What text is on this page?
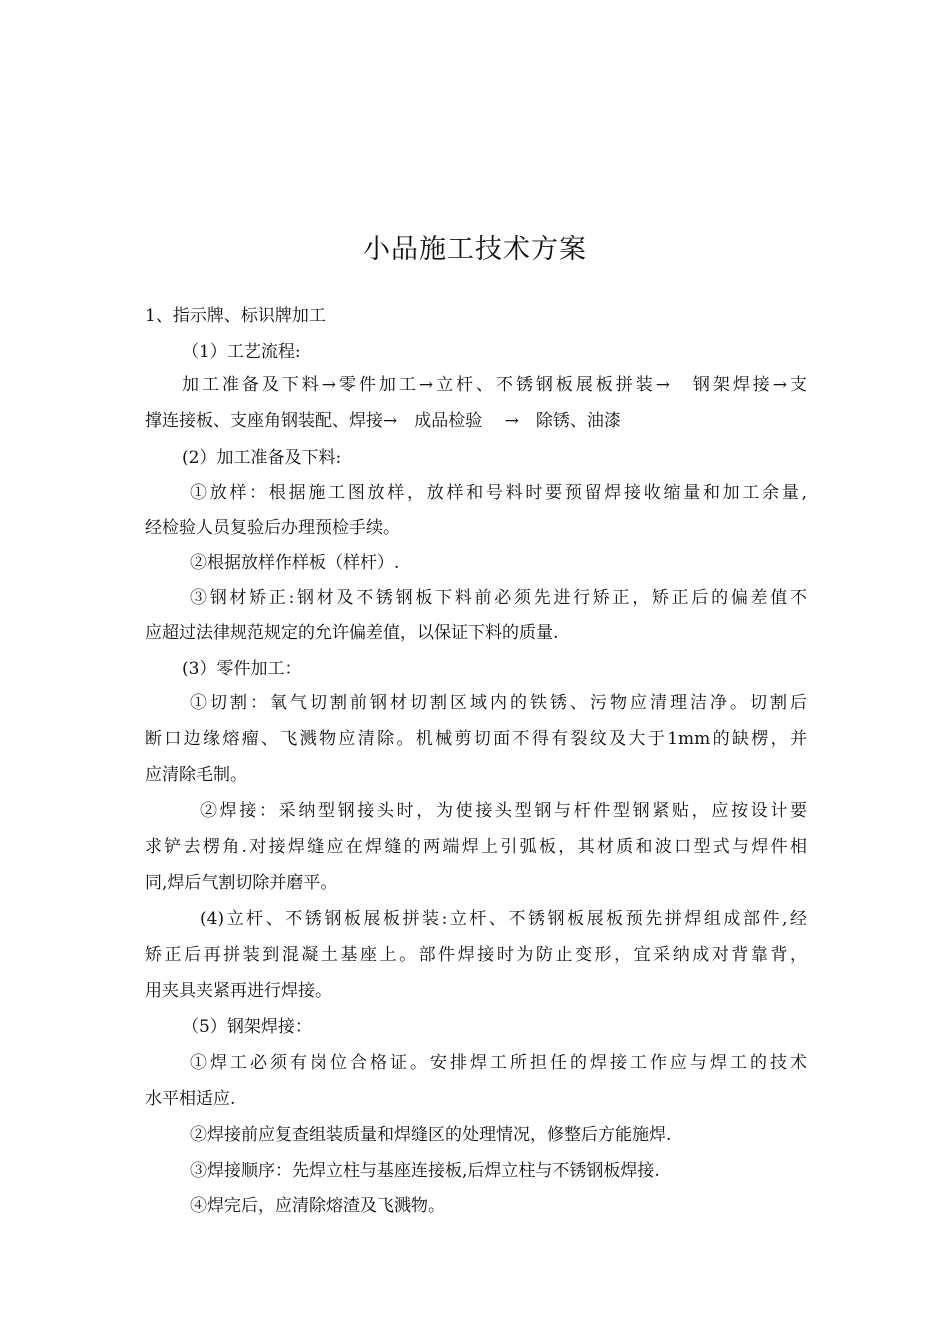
小品施工技术方案
1、指示牌、标识牌加工
（1）工艺流程:
加工准备及下料→零件加工→立杆、不锈钢板展板拼装→　钢架焊接→支
撑连接板、支座角钢装配、焊接→　成品检验　 →　除锈、油漆
(2）加工准备及下料:
①放样：根据施工图放样，放样和号料时要预留焊接收缩量和加工余量,
经检验人员复验后办理预检手续。
②根据放样作样板（样杆）.
③钢材矫正:钢材及不锈钢板下料前必须先进行矫正，矫正后的偏差值不
应超过法律规范规定的允许偏差值，以保证下料的质量.
(3）零件加工：
①切割：氧气切割前钢材切割区域内的铁锈、污物应清理洁净。切割后
断口边缘熔瘤、飞溅物应清除。机械剪切面不得有裂纹及大于1mm的缺楞，并
应清除毛制。
②焊接：采纳型钢接头时，为使接头型钢与杆件型钢紧贴，应按设计要
求铲去楞角.对接焊缝应在焊缝的两端焊上引弧板，其材质和波口型式与焊件相
同,焊后气割切除并磨平。
(4)立杆、不锈钢板展板拼装:立杆、不锈钢板展板预先拼焊组成部件,经
矫正后再拼装到混凝土基座上。部件焊接时为防止变形，宜采纳成对背靠背，
用夹具夹紧再进行焊接。
（5）钢架焊接：
①焊工必须有岗位合格证。安排焊工所担任的焊接工作应与焊工的技术
水平相适应.
②焊接前应复查组装质量和焊缝区的处理情况，修整后方能施焊.
③焊接顺序：先焊立柱与基座连接板,后焊立柱与不锈钢板焊接.
④焊完后，应清除熔渣及飞溅物。
